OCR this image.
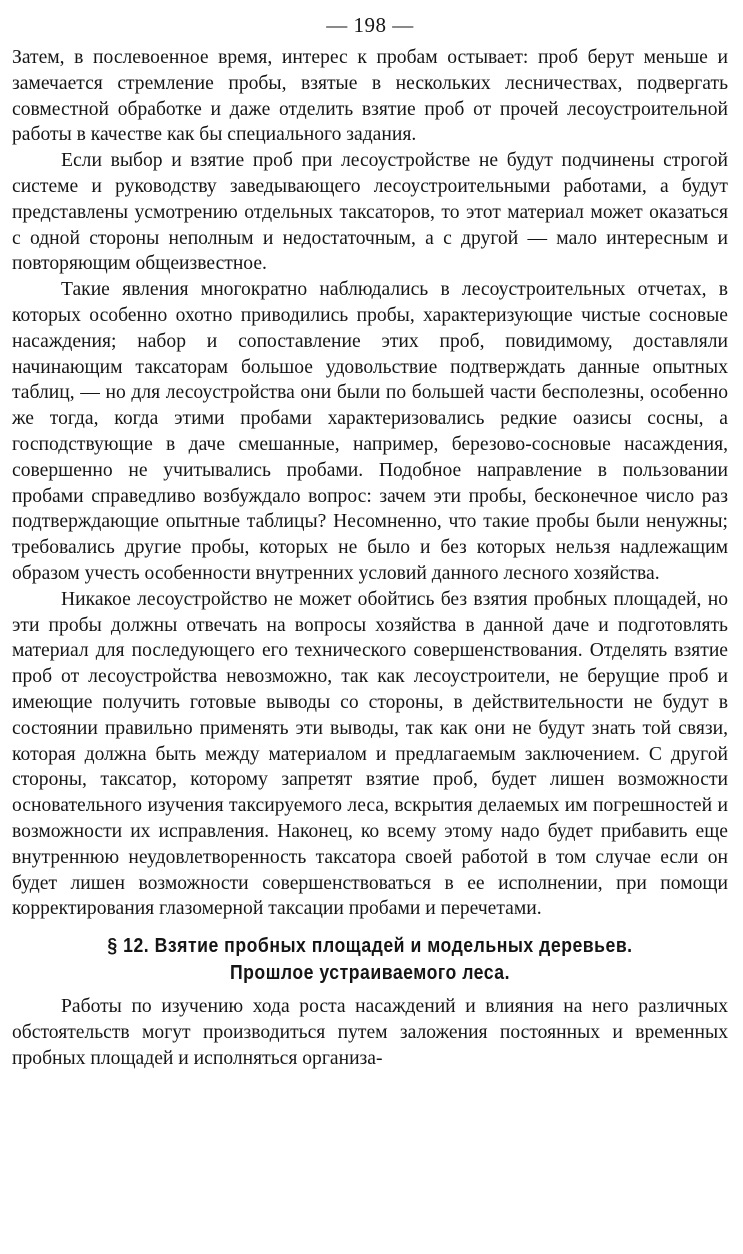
— 198 —

Затем, в послевоенное время, интерес к пробам остывает: проб берут меньше и замечается стремление пробы, взятые в нескольких лесничествах, подвергать совместной обработке и даже отделить взятие проб от прочей лесоустроительной работы в качестве как бы специального задания.

Если выбор и взятие проб при лесоустройстве не будут подчинены строгой системе и руководству заведывающего лесоустроительными работами, а будут представлены усмотрению отдельных таксаторов, то этот материал может оказаться с одной стороны неполным и недостаточным, а с другой — мало интересным и повторяющим общеизвестное.

Такие явления многократно наблюдались в лесоустроительных отчетах, в которых особенно охотно приводились пробы, характеризующие чистые сосновые насаждения; набор и сопоставление этих проб, повидимому, доставляли начинающим таксаторам большое удовольствие подтверждать данные опытных таблиц, — но для лесоустройства они были по большей части бесполезны, особенно же тогда, когда этими пробами характеризовались редкие оазисы сосны, а господствующие в даче смешанные, например, березово-сосновые насаждения, совершенно не учитывались пробами. Подобное направление в пользовании пробами справедливо возбуждало вопрос: зачем эти пробы, бесконечное число раз подтверждающие опытные таблицы? Несомненно, что такие пробы были ненужны; требовались другие пробы, которых не было и без которых нельзя надлежащим образом учесть особенности внутренних условий данного лесного хозяйства.

Никакое лесоустройство не может обойтись без взятия пробных площадей, но эти пробы должны отвечать на вопросы хозяйства в данной даче и подготовлять материал для последующего его технического совершенствования. Отделять взятие проб от лесоустройства невозможно, так как лесоустроители, не берущие проб и имеющие получить готовые выводы со стороны, в действительности не будут в состоянии правильно применять эти выводы, так как они не будут знать той связи, которая должна быть между материалом и предлагаемым заключением. С другой стороны, таксатор, которому запретят взятие проб, будет лишен возможности основательного изучения таксируемого леса, вскрытия делаемых им погрешностей и возможности их исправления. Наконец, ко всему этому надо будет прибавить еще внутреннюю неудовлетворенность таксатора своей работой в том случае если он будет лишен возможности совершенствоваться в ее исполнении, при помощи корректирования глазомерной таксации пробами и перечетами.

§ 12. Взятие пробных площадей и модельных деревьев.
Прошлое устраиваемого леса.

Работы по изучению хода роста насаждений и влияния на него различных обстоятельств могут производиться путем заложения постоянных и временных пробных площадей и исполняться организа-
